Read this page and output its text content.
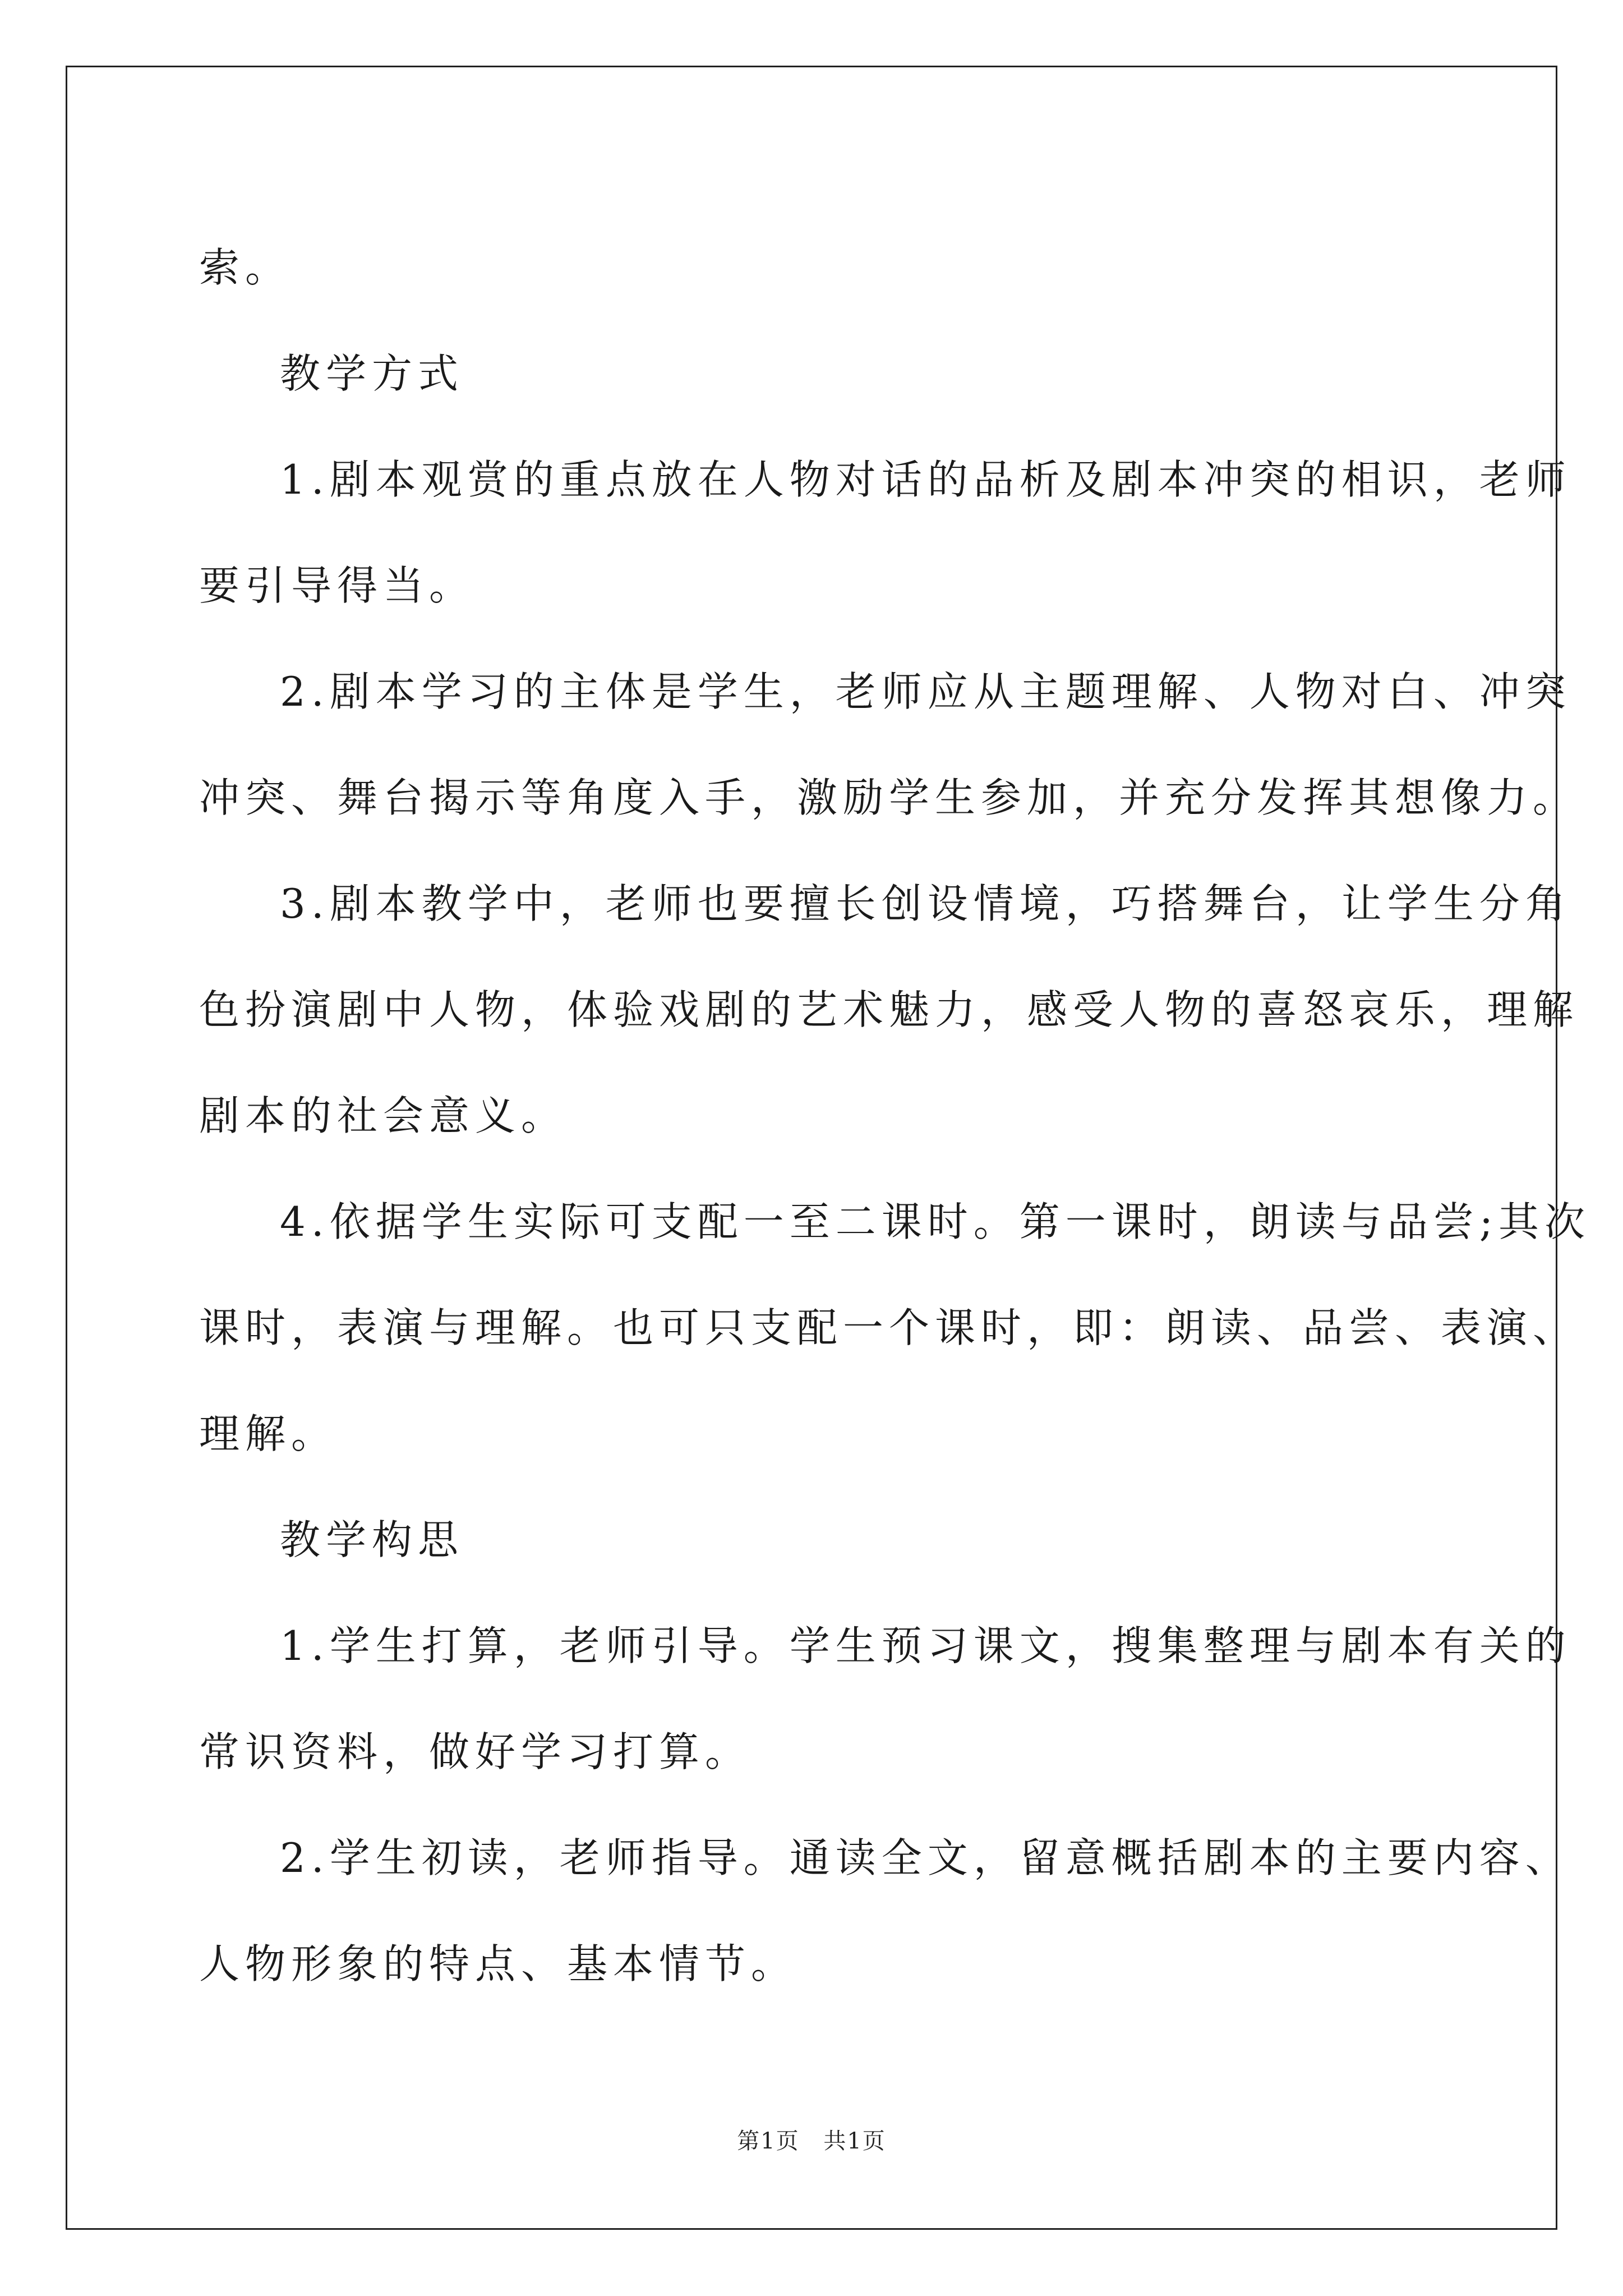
索。

教学方式

1.剧本观赏的重点放在人物对话的品析及剧本冲突的相识，老师
要引导得当。

2.剧本学习的主体是学生，老师应从主题理解、人物对白、冲突
冲突、舞台揭示等角度入手，激励学生参加，并充分发挥其想像力。

3.剧本教学中，老师也要擅长创设情境，巧搭舞台，让学生分角
色扮演剧中人物，体验戏剧的艺术魅力，感受人物的喜怒哀乐，理解
剧本的社会意义。

4.依据学生实际可支配一至二课时。第一课时，朗读与品尝;其次
课时，表演与理解。也可只支配一个课时，即：朗读、品尝、表演、
理解。

教学构思

1.学生打算，老师引导。学生预习课文，搜集整理与剧本有关的
常识资料，做好学习打算。

2.学生初读，老师指导。通读全文，留意概括剧本的主要内容、
人物形象的特点、基本情节。

第1页 共1页
